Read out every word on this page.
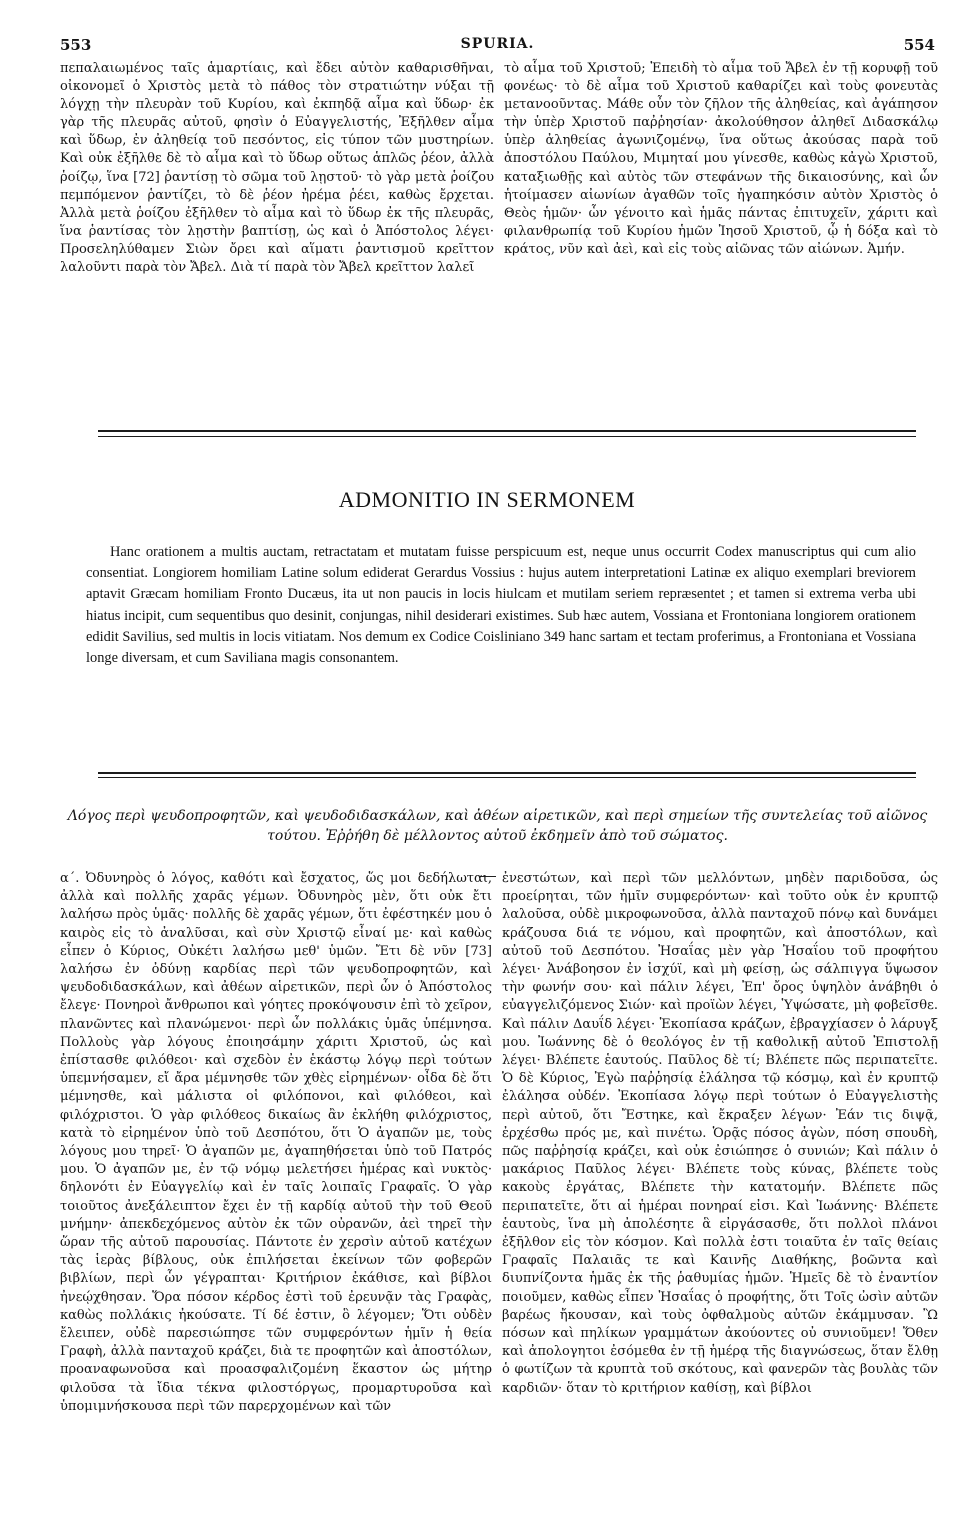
553	SPURIA.	554

πεπαλαιωμένος ταῖς ἁμαρτίαις, καὶ ἔδει αὐτὸν καθαρισθῆναι, οἰκονομεῖ ὁ Χριστὸς μετὰ τὸ πάθος τὸν στρατιώτην νύξαι τῇ λόγχῃ τὴν πλευρὰν τοῦ Κυρίου, καὶ ἐκπηδᾷ αἷμα καὶ ὕδωρ· ἐκ γὰρ τῆς πλευρᾶς αὐτοῦ, φησὶν ὁ Εὐαγγελιστής, Ἐξῆλθεν αἷμα καὶ ὕδωρ, ἐν ἀληθείᾳ τοῦ πεσόντος, εἰς τύπον τῶν μυστηρίων. Καὶ οὐκ ἐξῆλθε δὲ τὸ αἷμα καὶ τὸ ὕδωρ οὕτως ἁπλῶς ῥέον, ἀλλὰ ῥοίζῳ, ἵνα [72] ῥαντίσῃ τὸ σῶμα τοῦ λῃστοῦ· τὸ γὰρ μετὰ ῥοίζου πεμπόμενον ῥαντίζει, τὸ δὲ ῥέον ἠρέμα ῥέει, καθὼς ἔρχεται. Ἀλλὰ μετὰ ῥοίζου ἐξῆλθεν τὸ αἷμα καὶ τὸ ὕδωρ ἐκ τῆς πλευρᾶς, ἵνα ῥαντίσας τὸν λῃστὴν βαπτίσῃ, ὡς καὶ ὁ Ἀπόστολος λέγει· Προσεληλύθαμεν Σιὼν ὄρει καὶ αἵματι ῥαντισμοῦ κρεῖττον λαλοῦντι παρὰ τὸν Ἄβελ. Διὰ τί παρὰ τὸν Ἄβελ κρεῖττον λαλεῖ

τὸ αἷμα τοῦ Χριστοῦ; Ἐπειδὴ τὸ αἷμα τοῦ Ἄβελ ἐν τῇ κορυφῇ τοῦ φονέως· τὸ δὲ αἷμα τοῦ Χριστοῦ καθαρίζει καὶ τοὺς φονευτὰς μετανοοῦντας. Μάθε οὖν τὸν ζῆλον τῆς ἀληθείας, καὶ ἀγάπησον τὴν ὑπὲρ Χριστοῦ παῤῥησίαν· ἀκολούθησον ἀληθεῖ Διδασκάλῳ ὑπὲρ ἀληθείας ἀγωνιζομένῳ, ἵνα οὕτως ἀκούσας παρὰ τοῦ ἀποστόλου Παύλου, Μιμηταί μου γίνεσθε, καθὼς κἀγὼ Χριστοῦ, καταξιωθῇς καὶ αὐτὸς τῶν στεφάνων τῆς δικαιοσύνης, καὶ ὧν ἡτοίμασεν αἰωνίων ἀγαθῶν τοῖς ἠγαπηκόσιν αὐτὸν Χριστὸς ὁ Θεὸς ἡμῶν· ὧν γένοιτο καὶ ἡμᾶς πάντας ἐπιτυχεῖν, χάριτι καὶ φιλανθρωπίᾳ τοῦ Κυρίου ἡμῶν Ἰησοῦ Χριστοῦ, ᾧ ἡ δόξα καὶ τὸ κράτος, νῦν καὶ ἀεὶ, καὶ εἰς τοὺς αἰῶνας τῶν αἰώνων. Ἀμήν.

ADMONITIO IN SERMONEM

Hanc orationem a multis auctam, retractatam et mutatam fuisse perspicuum est, neque unus occurrit Codex manuscriptus qui cum alio consentiat. Longiorem homiliam Latine solum ediderat Gerardus Vossius : hujus autem interpretationi Latinæ ex aliquo exemplari breviorem aptavit Græcam homiliam Fronto Ducæus, ita ut non paucis in locis hiulcam et mutilam seriem repræsentet ; et tamen si extrema verba ubi hiatus incipit, cum sequentibus quo desinit, conjungas, nihil desiderari existimes. Sub hæc autem, Vossiana et Frontoniana longiorem orationem edidit Savilius, sed multis in locis vitiatam. Nos demum ex Codice Coisliniano 349 hanc sartam et tectam proferimus, a Frontoniana et Vossiana longe diversam, et cum Saviliana magis consonantem.

Λόγος περὶ ψευδοπροφητῶν, καὶ ψευδοδιδασκάλων, καὶ ἀθέων αἱρετικῶν, καὶ περὶ σημείων τῆς συντελείας τοῦ αἰῶνος τούτου. Ἐῤῥήθη δὲ μέλλοντος αὐτοῦ ἐκδημεῖν ἀπὸ τοῦ σώματος.

α΄. Ὀδυνηρὸς ὁ λόγος, καθότι καὶ ἔσχατος, ὥς μοι δεδήλωται, ἀλλὰ καὶ πολλῆς χαρᾶς γέμων. Ὀδυνηρὸς μὲν, ὅτι οὐκ ἔτι λαλήσω πρὸς ὑμᾶς· πολλῆς δὲ χαρᾶς γέμων, ὅτι ἐφέστηκέν μου ὁ καιρὸς εἰς τὸ ἀναλῦσαι, καὶ σὺν Χριστῷ εἶναί με· καὶ καθὼς εἶπεν ὁ Κύριος, Οὐκέτι λαλήσω μεθ' ὑμῶν. Ἔτι δὲ νῦν [73] λαλήσω ἐν ὀδύνῃ καρδίας περὶ τῶν ψευδοπροφητῶν, καὶ ψευδοδιδασκάλων, καὶ ἀθέων αἱρετικῶν, περὶ ὧν ὁ Ἀπόστολος ἔλεγε· Πονηροὶ ἄνθρωποι καὶ γόητες προκόψουσιν ἐπὶ τὸ χεῖρον, πλανῶντες καὶ πλανώμενοι· περὶ ὧν πολλάκις ὑμᾶς ὑπέμνησα. Πολλοὺς γὰρ λόγους ἐποιησάμην χάριτι Χριστοῦ, ὡς καὶ ἐπίστασθε φιλόθεοι· καὶ σχεδὸν ἐν ἑκάστῳ λόγῳ περὶ τούτων ὑπεμνήσαμεν, εἴ ἄρα μέμνησθε τῶν χθὲς εἰρημένων· οἶδα δὲ ὅτι μέμνησθε, καὶ μάλιστα οἱ φιλόπονοι, καὶ φιλόθεοι, καὶ φιλόχριστοι. Ὁ γὰρ φιλόθεος δικαίως ἂν ἐκλήθη φιλόχριστος, κατὰ τὸ εἰρημένον ὑπὸ τοῦ Δεσπότου, ὅτι Ὁ ἀγαπῶν με, τοὺς λόγους μου τηρεῖ· Ὁ ἀγαπῶν με, ἀγαπηθήσεται ὑπὸ τοῦ Πατρός μου. Ὁ ἀγαπῶν με, ἐν τῷ νόμῳ μελετήσει ἡμέρας καὶ νυκτὸς· δηλονότι ἐν Εὐαγγελίῳ καὶ ἐν ταῖς λοιπαῖς Γραφαῖς. Ὁ γὰρ τοιοῦτος ἀνεξάλειπτον ἔχει ἐν τῇ καρδίᾳ αὐτοῦ τὴν τοῦ Θεοῦ μνήμην· ἀπεκδεχόμενος αὐτὸν ἐκ τῶν οὐρανῶν, ἀεὶ τηρεῖ τὴν ὥραν τῆς αὐτοῦ παρουσίας. Πάντοτε ἐν χερσὶν αὐτοῦ κατέχων τὰς ἱερὰς βίβλους, οὐκ ἐπιλήσεται ἐκείνων τῶν φοβερῶν βιβλίων, περὶ ὧν γέγραπται· Κριτήριον ἐκάθισε, καὶ βίβλοι ἠνεῴχθησαν. Ὅρα πόσον κέρδος ἐστὶ τοῦ ἐρευνᾷν τὰς Γραφὰς, καθὼς πολλάκις ἠκούσατε. Τί δέ ἐστιν, ὃ λέγομεν; Ὅτι οὐδὲν ἔλειπεν, οὐδὲ παρεσιώπησε τῶν συμφερόντων ἡμῖν ἡ θεία Γραφὴ, ἀλλὰ πανταχοῦ κράζει, διὰ τε προφητῶν καὶ ἀποστόλων, προαναφωνοῦσα καὶ προασφαλιζομένη ἕκαστον ὡς μήτηρ φιλοῦσα τὰ ἴδια τέκνα φιλοστόργως, προμαρτυροῦσα καὶ ὑπομιμνήσκουσα περὶ τῶν παρερχομένων καὶ τῶν

ἐνεστώτων, καὶ περὶ τῶν μελλόντων, μηδὲν παριδοῦσα, ὡς προείρηται, τῶν ἡμῖν συμφερόντων· καὶ τοῦτο οὐκ ἐν κρυπτῷ λαλοῦσα, οὐδὲ μικροφωνοῦσα, ἀλλὰ πανταχοῦ πόνῳ καὶ δυνάμει κράζουσα διά τε νόμου, καὶ προφητῶν, καὶ ἀποστόλων, καὶ αὐτοῦ τοῦ Δεσπότου. Ἠσαΐας μὲν γὰρ Ἠσαΐου τοῦ προφήτου λέγει· Ἀνάβοησον ἐν ἰσχύϊ, καὶ μὴ φείσῃ, ὡς σάλπιγγα ὕψωσον τὴν φωνήν σου· καὶ πάλιν λέγει, Ἐπ' ὄρος ὑψηλὸν ἀνάβηθι ὁ εὐαγγελιζόμενος Σιών· καὶ προϊὼν λέγει, Ὑψώσατε, μὴ φοβεῖσθε. Καὶ πάλιν Δαυΐδ λέγει· Ἐκοπίασα κράζων, ἐβραγχίασεν ὁ λάρυγξ μου. Ἰωάννης δὲ ὁ θεολόγος ἐν τῇ καθολικῇ αὐτοῦ Ἐπιστολῇ λέγει· Βλέπετε ἑαυτούς. Παῦλος δὲ τί; Βλέπετε πῶς περιπατεῖτε. Ὁ δὲ Κύριος, Ἐγὼ παῤῥησίᾳ ἐλάλησα τῷ κόσμῳ, καὶ ἐν κρυπτῷ ἐλάλησα οὐδέν. Ἐκοπίασα λόγῳ περὶ τούτων ὁ Εὐαγγελιστὴς περὶ αὐτοῦ, ὅτι Ἔστηκε, καὶ ἔκραξεν λέγων· Ἐάν τις διψᾷ, ἐρχέσθω πρός με, καὶ πινέτω. Ὁρᾷς πόσος ἀγὼν, πόση σπουδὴ, πῶς παῤῥησίᾳ κράζει, καὶ οὐκ ἐσιώπησε ὁ συνιών; Καὶ πάλιν ὁ μακάριος Παῦλος λέγει· Βλέπετε τοὺς κύνας, βλέπετε τοὺς κακοὺς ἐργάτας, Βλέπετε τὴν κατατομήν. Βλέπετε πῶς περιπατεῖτε, ὅτι αἱ ἡμέραι πονηραί εἰσι. Καὶ Ἰωάννης· Βλέπετε ἑαυτοὺς, ἵνα μὴ ἀπολέσητε ἃ εἰργάσασθε, ὅτι πολλοὶ πλάνοι ἐξῆλθον εἰς τὸν κόσμον. Καὶ πολλὰ ἐστι τοιαῦτα ἐν ταῖς θείαις Γραφαῖς Παλαιᾶς τε καὶ Καινῆς Διαθήκης, βοῶντα καὶ διυπνίζοντα ἡμᾶς ἐκ τῆς ῥαθυμίας ἡμῶν. Ἡμεῖς δὲ τὸ ἐναντίον ποιοῦμεν, καθὼς εἶπεν Ἠσαΐας ὁ προφήτης, ὅτι Τοῖς ὠσὶν αὐτῶν βαρέως ἤκουσαν, καὶ τοὺς ὀφθαλμοὺς αὐτῶν ἐκάμμυσαν. Ὢ πόσων καὶ πηλίκων γραμμάτων ἀκούοντες οὐ συνιοῦμεν! Ὅθεν καὶ ἀπολογητοι ἐσόμεθα ἐν τῇ ἡμέρᾳ τῆς διαγνώσεως, ὅταν ἔλθῃ ὁ φωτίζων τὰ κρυπτὰ τοῦ σκότους, καὶ φανερῶν τὰς βουλὰς τῶν καρδιῶν· ὅταν τὸ κριτήριον καθίσῃ, καὶ βίβλοι
